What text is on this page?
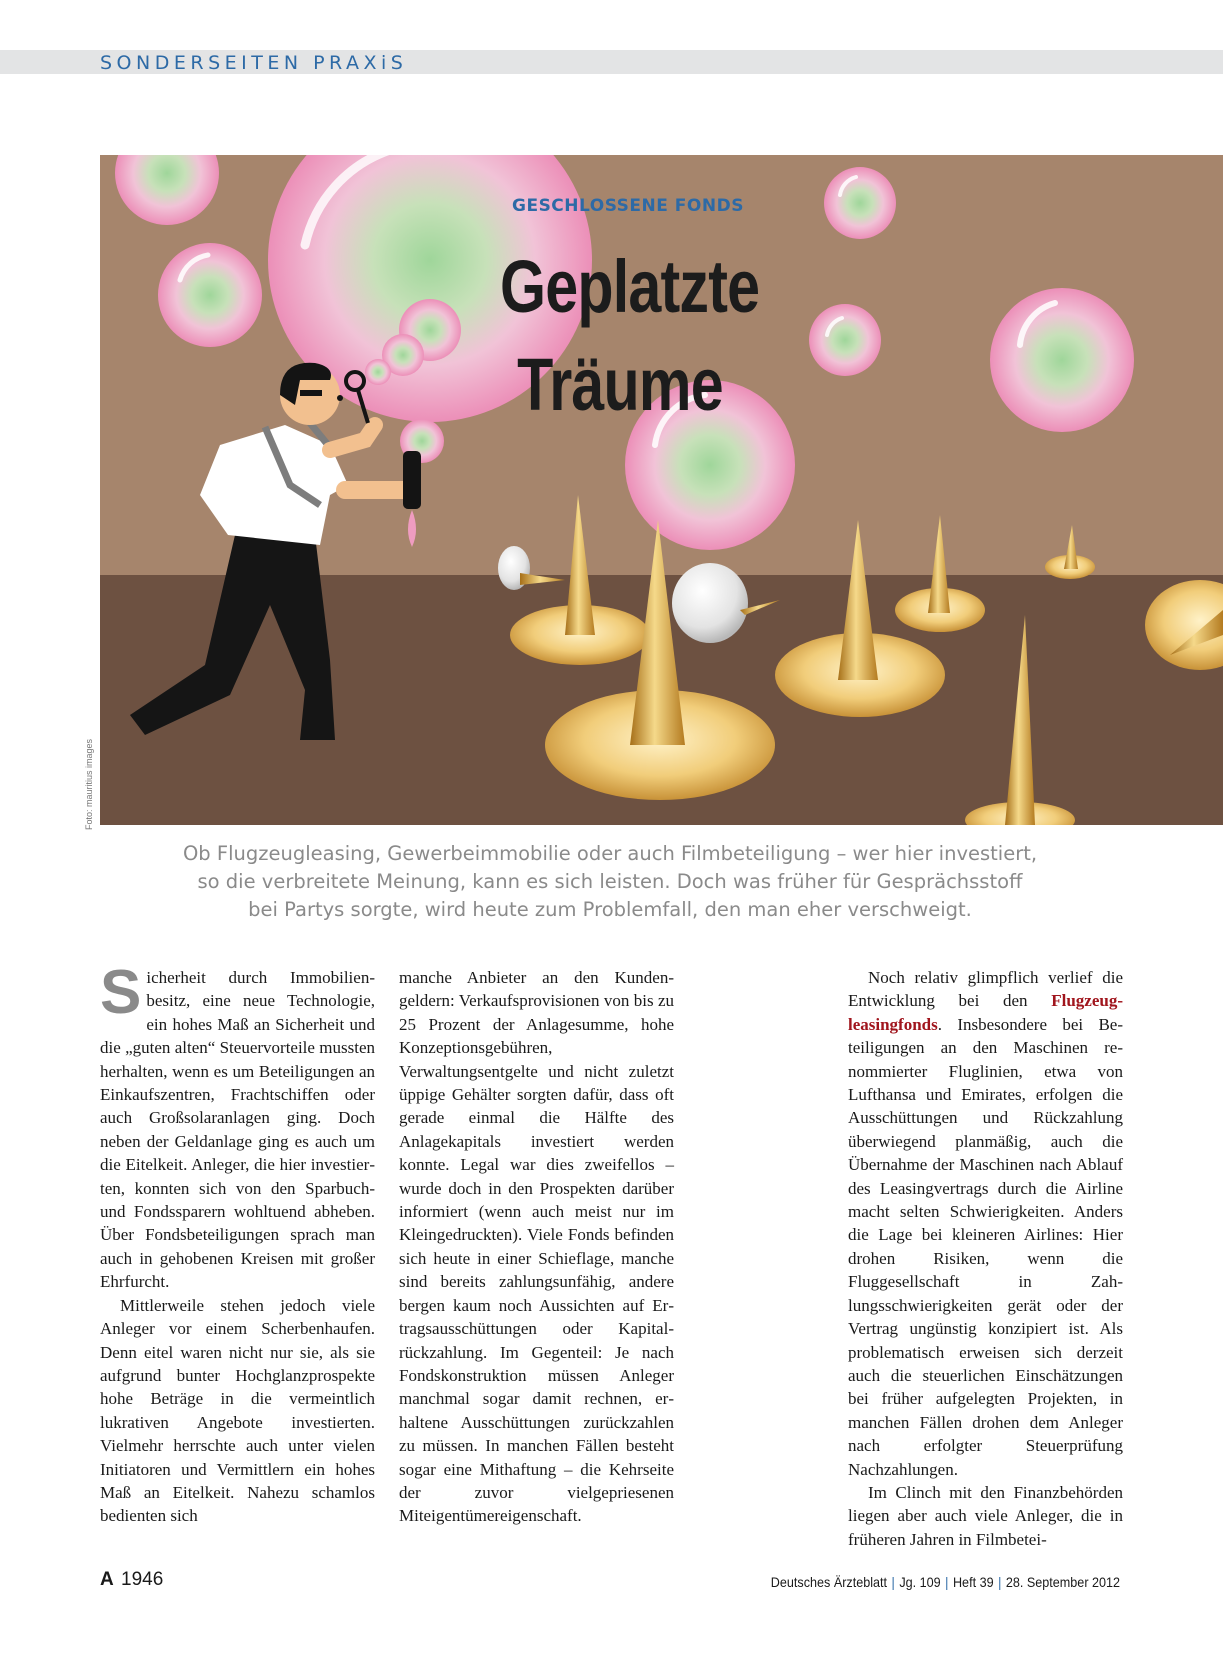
SONDERSEITEN PRAXiS
GESCHLOSSENE FONDS
Geplatzte
Träume
Foto: mauritius images
Ob Flugzeugleasing, Gewerbeimmobilie oder auch Filmbeteiligung – wer hier investiert,
so die verbreitete Meinung, kann es sich leisten. Doch was früher für Gesprächsstoff
bei Partys sorgte, wird heute zum Problemfall, den man eher verschweigt.

Sicherheit durch Immobilienbesitz, eine neue Technologie, ein hohes Maß an Sicherheit und die „guten alten“ Steuervorteile mussten herhalten, wenn es um Beteiligungen an Einkaufszentren, Frachtschiffen oder auch Großsolaranlagen ging. Doch neben der Geldanlage ging es auch um die Eitelkeit. Anleger, die hier investierten, konnten sich von den Sparbuch- und Fondssparern wohltuend abheben. Über Fondsbeteiligungen sprach man auch in gehobenen Kreisen mit großer Ehrfurcht.

Mittlerweile stehen jedoch viele Anleger vor einem Scherbenhaufen. Denn eitel waren nicht nur sie, als sie aufgrund bunter Hochglanzprospekte hohe Beträge in die vermeintlich lukrativen Angebote investierten. Vielmehr herrschte auch unter vielen Initiatoren und Vermittlern ein hohes Maß an Eitelkeit. Nahezu schamlos bedienten sich

manche Anbieter an den Kundengeldern: Verkaufsprovisionen von bis zu 25 Prozent der Anlagesumme, hohe Konzeptionsgebühren, Verwaltungsentgelte und nicht zuletzt üppige Gehälter sorgten dafür, dass oft gerade einmal die Hälfte des Anlagekapitals investiert werden konnte. Legal war dies zweifellos – wurde doch in den Prospekten darüber informiert (wenn auch meist nur im Kleingedruckten). Viele Fonds befinden sich heute in einer Schieflage, manche sind bereits zahlungsunfähig, andere bergen kaum noch Aussichten auf Ertragsausschüttungen oder Kapitalrückzahlung. Im Gegenteil: Je nach Fondskonstruktion müssen Anleger manchmal sogar damit rechnen, erhaltene Ausschüttungen zurückzahlen zu müssen. In manchen Fällen besteht sogar eine Mithaftung – die Kehrseite der zuvor vielgepriesenen Miteigentümereigenschaft.

Noch relativ glimpflich verlief die Entwicklung bei den Flugzeugleasingfonds. Insbesondere bei Beteiligungen an den Maschinen renommierter Fluglinien, etwa von Lufthansa und Emirates, erfolgen die Ausschüttungen und Rückzahlung überwiegend planmäßig, auch die Übernahme der Maschinen nach Ablauf des Leasingvertrags durch die Airline macht selten Schwierigkeiten. Anders die Lage bei kleineren Airlines: Hier drohen Risiken, wenn die Fluggesellschaft in Zahlungsschwierigkeiten gerät oder der Vertrag ungünstig konzipiert ist. Als problematisch erweisen sich derzeit auch die steuerlichen Einschätzungen bei früher aufgelegten Projekten, in manchen Fällen drohen dem Anleger nach erfolgter Steuerprüfung Nachzahlungen.

Im Clinch mit den Finanzbehörden liegen aber auch viele Anleger, die in früheren Jahren in Filmbetei-

A 1946	Deutsches Ärzteblatt | Jg. 109 | Heft 39 | 28. September 2012
